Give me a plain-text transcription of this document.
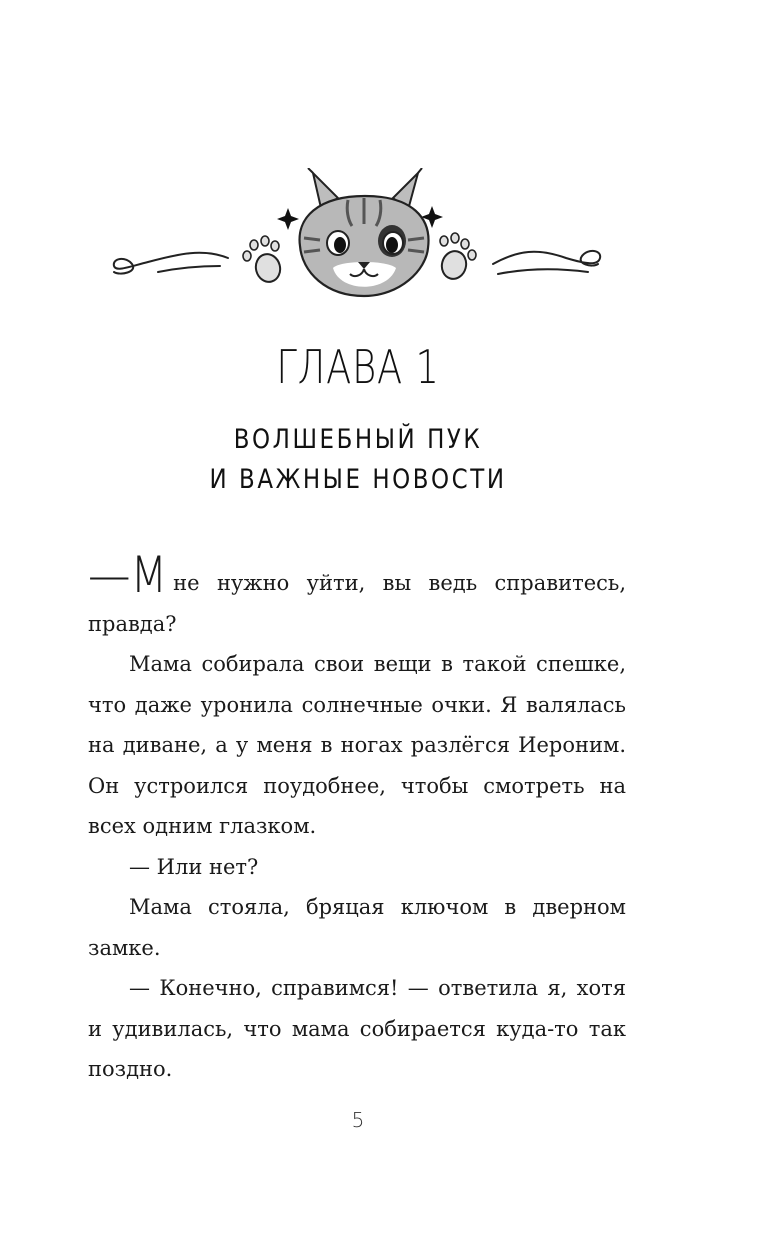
ГЛАВА 1
ВОЛШЕБНЫЙ ПУК
И ВАЖНЫЕ НОВОСТИ

—М не нужно уйти, вы ведь справитесь, правда?

Мама собирала свои вещи в такой спешке, что даже уронила солнечные очки. Я валялась на диване, а у меня в ногах разлёгся Иероним. Он устроился поудобнее, чтобы смотреть на всех одним глазком.

— Или нет?

Мама стояла, бряцая ключом в дверном замке.

— Конечно, справимся! — ответила я, хотя и удивилась, что мама собирается куда-то так поздно.

5
